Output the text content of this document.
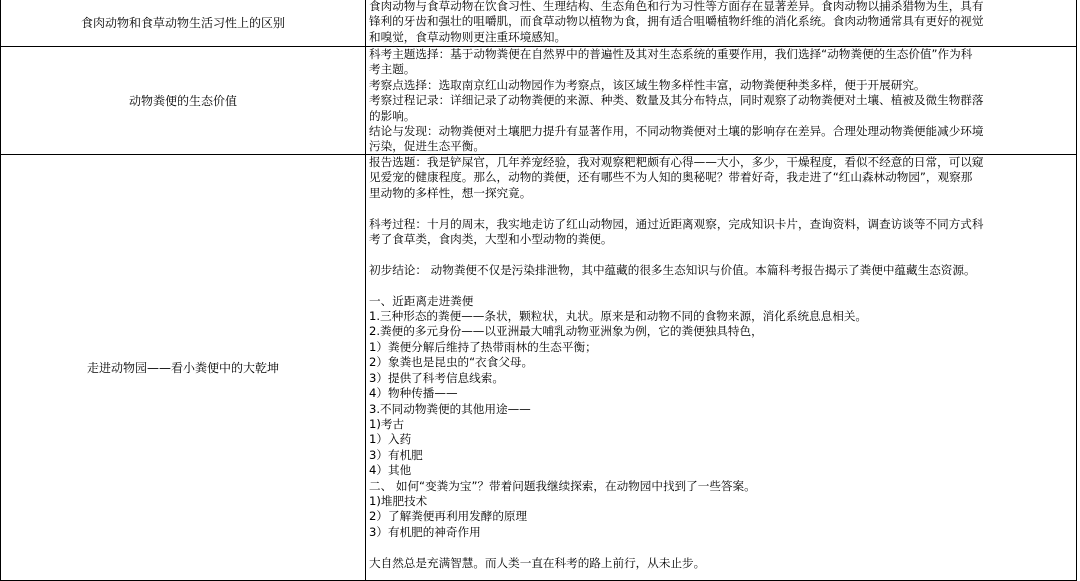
食肉动物和食草动物生活习性上的区别
食肉动物与食草动物在饮食习性、生理结构、生态角色和行为习性等方面存在显著差异。食肉动物以捕杀猎物为生，具有
锋利的牙齿和强壮的咀嚼肌，而食草动物以植物为食，拥有适合咀嚼植物纤维的消化系统。食肉动物通常具有更好的视觉
和嗅觉，食草动物则更注重环境感知。
动物粪便的生态价值
科考主题选择：基于动物粪便在自然界中的普遍性及其对生态系统的重要作用，我们选择“动物粪便的生态价值”作为科
考主题。
考察点选择：选取南京红山动物园作为考察点，该区域生物多样性丰富，动物粪便种类多样，便于开展研究。
考察过程记录：详细记录了动物粪便的来源、种类、数量及其分布特点，同时观察了动物粪便对土壤、植被及微生物群落
的影响。
结论与发现：动物粪便对土壤肥力提升有显著作用，不同动物粪便对土壤的影响存在差异。合理处理动物粪便能减少环境
污染，促进生态平衡。
走进动物园——看小粪便中的大乾坤
报告选题：我是铲屎官，几年养宠经验，我对观察粑粑颇有心得——大小，多少，干燥程度，看似不经意的日常，可以窥
见爱宠的健康程度。那么，动物的粪便，还有哪些不为人知的奥秘呢？带着好奇，我走进了“红山森林动物园”，观察那
里动物的多样性，想一探究竟。

科考过程：十月的周末，我实地走访了红山动物园，通过近距离观察，完成知识卡片，查询资料，调查访谈等不同方式科
考了食草类，食肉类，大型和小型动物的粪便。

初步结论： 动物粪便不仅是污染排泄物，其中蕴藏的很多生态知识与价值。本篇科考报告揭示了粪便中蕴藏生态资源。

一、近距离走进粪便
1.三种形态的粪便——条状，颗粒状，丸状。原来是和动物不同的食物来源，消化系统息息相关。
2.粪便的多元身份——以亚洲最大哺乳动物亚洲象为例，它的粪便独具特色，
1）粪便分解后维持了热带雨林的生态平衡；
2）象粪也是昆虫的“衣食父母。
3）提供了科考信息线索。
4）物种传播——
3.不同动物粪便的其他用途——
1)考古
1）入药
3）有机肥
4）其他
二、 如何“变粪为宝”？带着问题我继续探索，在动物园中找到了一些答案。
1)堆肥技术
2）了解粪便再利用发酵的原理
3）有机肥的神奇作用

大自然总是充满智慧。而人类一直在科考的路上前行，从未止步。
